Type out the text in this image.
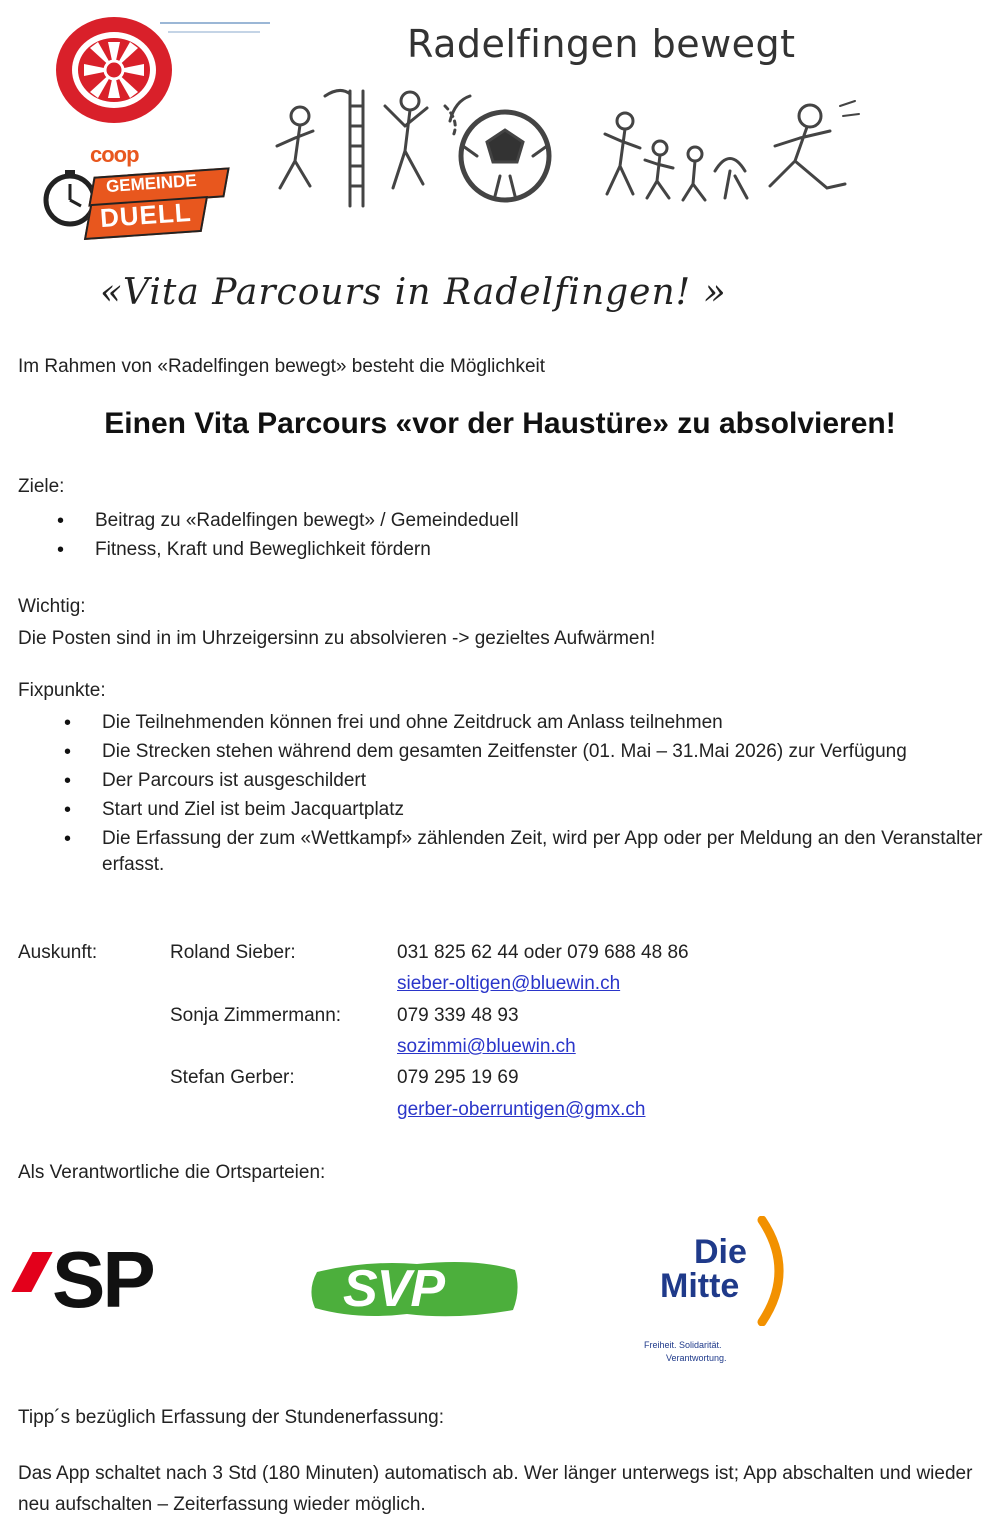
Radelfingen bewegt
coop
GEMEINDE
DUELL
«Vita Parcours in Radelfingen! »
Im Rahmen von «Radelfingen bewegt» besteht die Möglichkeit
Einen Vita Parcours «vor der Haustüre» zu absolvieren!
Ziele:
• Beitrag zu «Radelfingen bewegt» / Gemeindeduell
• Fitness, Kraft und Beweglichkeit fördern
Wichtig:
Die Posten sind in im Uhrzeigersinn zu absolvieren -> gezieltes Aufwärmen!
Fixpunkte:
• Die Teilnehmenden können frei und ohne Zeitdruck am Anlass teilnehmen
• Die Strecken stehen während dem gesamten Zeitfenster (01. Mai – 31.Mai 2026) zur Verfügung
• Der Parcours ist ausgeschildert
• Start und Ziel ist beim Jacquartplatz
• Die Erfassung der zum «Wettkampf» zählenden Zeit, wird per App oder per Meldung an den Veranstalter erfasst.
Auskunft:	Roland Sieber:	031 825 62 44 oder 079 688 48 86
sieber-oltigen@bluewin.ch
Sonja Zimmermann:	079 339 48 93
sozimmi@bluewin.ch
Stefan Gerber:	079 295 19 69
gerber-oberruntigen@gmx.ch
Als Verantwortliche die Ortsparteien:
SP	SVP
Die
Mitte
Freiheit. Solidarität.
Verantwortung.
Tipp´s bezüglich Erfassung der Stundenerfassung:
Das App schaltet nach 3 Std (180 Minuten) automatisch ab. Wer länger unterwegs ist; App abschalten und wieder neu aufschalten – Zeiterfassung wieder möglich.
